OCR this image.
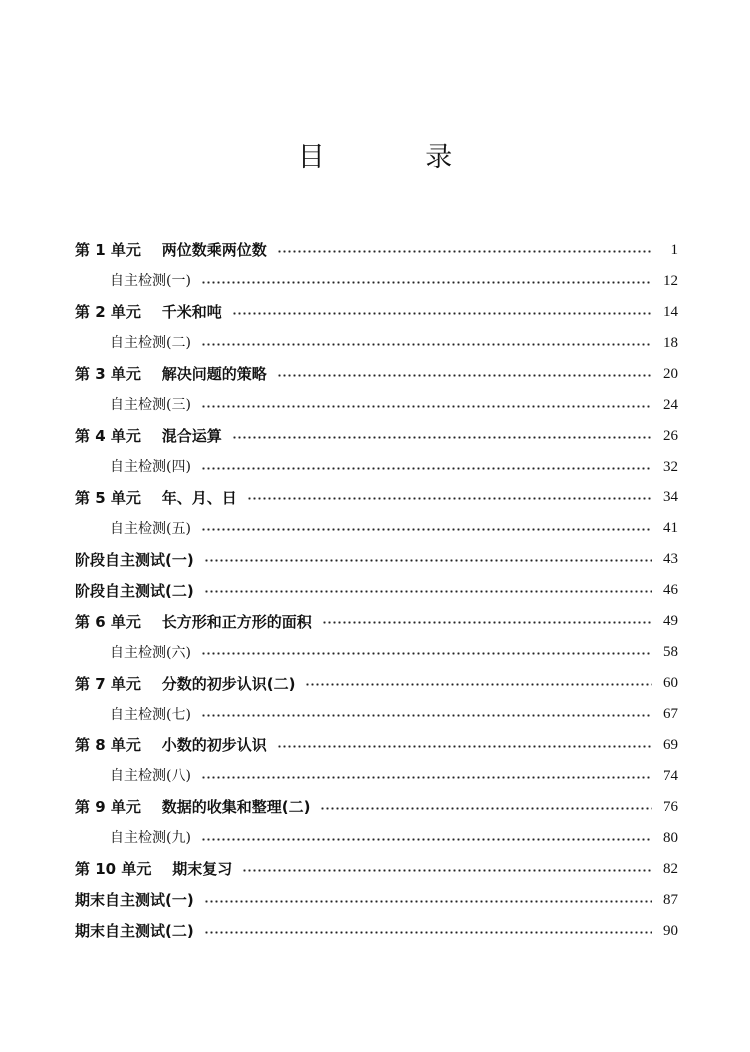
目 录
第 1 单元    两位数乘两位数	1
自主检测(一)	12
第 2 单元    千米和吨	14
自主检测(二)	18
第 3 单元    解决问题的策略	20
自主检测(三)	24
第 4 单元    混合运算	26
自主检测(四)	32
第 5 单元    年、月、日	34
自主检测(五)	41
阶段自主测试(一)	43
阶段自主测试(二)	46
第 6 单元    长方形和正方形的面积	49
自主检测(六)	58
第 7 单元    分数的初步认识(二)	60
自主检测(七)	67
第 8 单元    小数的初步认识	69
自主检测(八)	74
第 9 单元    数据的收集和整理(二)	76
自主检测(九)	80
第 10 单元    期末复习	82
期末自主测试(一)	87
期末自主测试(二)	90
